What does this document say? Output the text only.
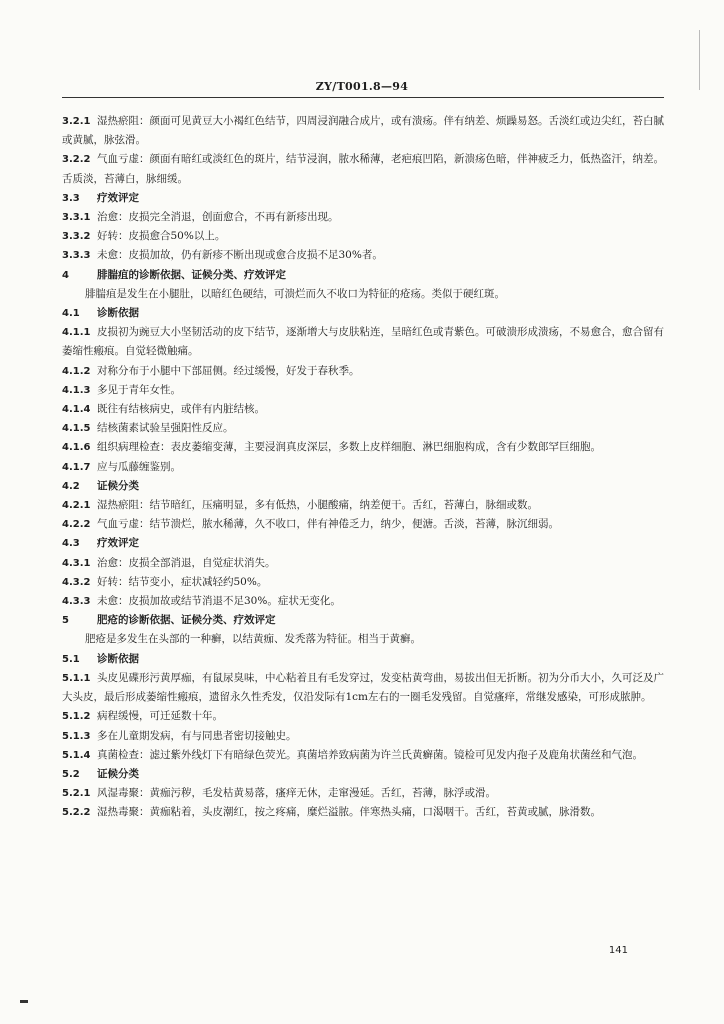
ZY/T001.8—94
3.2.1 湿热瘀阻：颜面可见黄豆大小褐红色结节，四周浸润融合成片，或有溃疡。伴有纳差、烦躁易怒。舌淡红或边尖红，苔白腻或黄腻，脉弦滑。
3.2.2 气血亏虚：颜面有暗红或淡红色的斑片，结节浸润，脓水稀薄，老疤痕凹陷，新溃疡色暗，伴神疲乏力，低热盗汗，纳差。舌质淡，苔薄白，脉细缓。
3.3 疗效评定
3.3.1 治愈：皮损完全消退，创面愈合，不再有新疹出现。
3.3.2 好转：皮损愈合50%以上。
3.3.3 未愈：皮损加故，仍有新疹不断出现或愈合皮损不足30%者。
4	腓腨疽的诊断依据、证候分类、疗效评定
腓腨疽是发生在小腿肚，以暗红色硬结，可溃烂而久不收口为特征的疮疡。类似于硬红斑。
4.1 诊断依据
4.1.1 皮损初为豌豆大小坚韧活动的皮下结节，逐渐增大与皮肤粘连，呈暗红色或青紫色。可破溃形成溃疡，不易愈合，愈合留有萎缩性瘢痕。自觉轻微触痛。
4.1.2 对称分布于小腿中下部屈侧。经过缓慢，好发于春秋季。
4.1.3 多见于青年女性。
4.1.4 既往有结核病史，或伴有内脏结核。
4.1.5 结核菌素试验呈强阳性反应。
4.1.6 组织病理检查：表皮萎缩变薄，主要浸润真皮深层，多数上皮样细胞、淋巴细胞构成，含有少数郎罕巨细胞。
4.1.7 应与瓜藤缠鉴别。
4.2 证候分类
4.2.1 湿热瘀阻：结节暗红，压痛明显，多有低热，小腿酸痛，纳差便干。舌红，苔薄白，脉细或数。
4.2.2 气血亏虚：结节溃烂，脓水稀薄，久不收口，伴有神倦乏力，纳少，便溏。舌淡，苔薄，脉沉细弱。
4.3 疗效评定
4.3.1 治愈：皮损全部消退，自觉症状消失。
4.3.2 好转：结节变小，症状减轻约50%。
4.3.3 未愈：皮损加故或结节消退不足30%。症状无变化。
5	肥疮的诊断依据、证候分类、疗效评定
肥疮是多发生在头部的一种癣，以结黄痂、发秃落为特征。相当于黄癣。
5.1 诊断依据
5.1.1 头皮见碟形污黄厚痂，有鼠尿臭味，中心粘着且有毛发穿过，发变枯黄弯曲，易拔出但无折断。初为分币大小，久可泛及广大头皮，最后形成萎缩性瘢痕，遗留永久性秃发，仅沿发际有1cm左右的一圈毛发残留。自觉瘙痒，常继发感染，可形成脓肿。
5.1.2 病程缓慢，可迁延数十年。
5.1.3 多在儿童期发病，有与同患者密切接触史。
5.1.4 真菌检查：滤过紫外线灯下有暗绿色荧光。真菌培养致病菌为许兰氏黄癣菌。镜检可见发内孢子及鹿角状菌丝和气泡。
5.2 证候分类
5.2.1 风湿毒聚：黄痂污秽，毛发枯黄易落，瘙痒无休，走窜漫延。舌红，苔薄，脉浮或滑。
5.2.2 湿热毒聚：黄痂粘着，头皮潮红，按之疼痛，糜烂溢脓。伴寒热头痛，口渴咽干。舌红，苔黄或腻，脉滑数。
141
